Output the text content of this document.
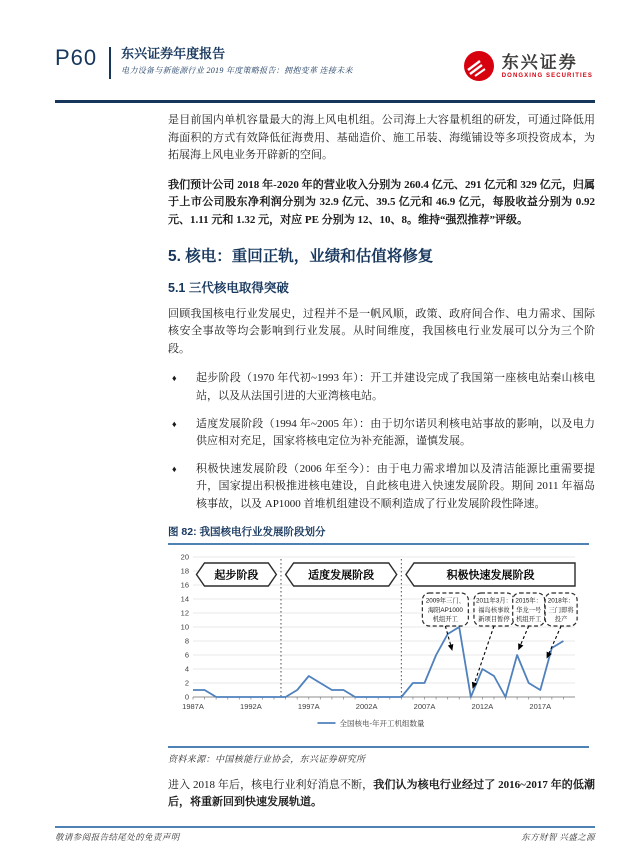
P60 东兴证券年度报告
电力设备与新能源行业 2019 年度策略报告：拥抱变革 连接未来	东兴证券
DONGXING SECURITIES

是目前国内单机容量最大的海上风电机组。公司海上大容量机组的研发，可通过降低用海面积的方式有效降低征海费用、基础造价、施工吊装、海缆铺设等多项投资成本，为拓展海上风电业务开辟新的空间。

我们预计公司 2018 年-2020 年的营业收入分别为 260.4 亿元、291 亿元和 329 亿元，归属于上市公司股东净利润分别为 32.9 亿元、39.5 亿元和 46.9 亿元，每股收益分别为 0.92 元、1.11 元和 1.32 元，对应 PE 分别为 12、10、8。维持“强烈推荐”评级。

5. 核电：重回正轨，业绩和估值将修复
5.1 三代核电取得突破

回顾我国核电行业发展史，过程并不是一帆风顺，政策、政府间合作、电力需求、国际核安全事故等均会影响到行业发展。从时间维度，我国核电行业发展可以分为三个阶段。

♦ 起步阶段（1970 年代初~1993 年）：开工并建设完成了我国第一座核电站秦山核电站，以及从法国引进的大亚湾核电站。
♦ 适度发展阶段（1994 年~2005 年）：由于切尔诺贝利核电站事故的影响，以及电力供应相对充足，国家将核电定位为补充能源，谨慎发展。
♦ 积极快速发展阶段（2006 年至今）：由于电力需求增加以及清洁能源比重需要提升，国家提出积极推进核电建设，自此核电进入快速发展阶段。期间 2011 年福岛核事故，以及 AP1000 首堆机组建设不顺利造成了行业发展阶段性降速。
图 82: 我国核电行业发展阶段划分
0
2
4
6
8
10
12
14
16
18
20
1987A	1992A	1997A	2002A	2007A	2012A	2017A
起步阶段	适度发展阶段	积极快速发展阶段
2009年三门、
海阳AP1000
机组开工
2011年3月：
福岛核事故
新项目暂停
2015年：
华龙一号
机组开工
2018年：
三门即将
投产
全国核电-年开工机组数量
资料来源：中国核能行业协会，东兴证券研究所

进入 2018 年后，核电行业利好消息不断，我们认为核电行业经过了 2016~2017 年的低潮后，将重新回到快速发展轨道。

敬请参阅报告结尾处的免责声明	东方财智 兴盛之源
